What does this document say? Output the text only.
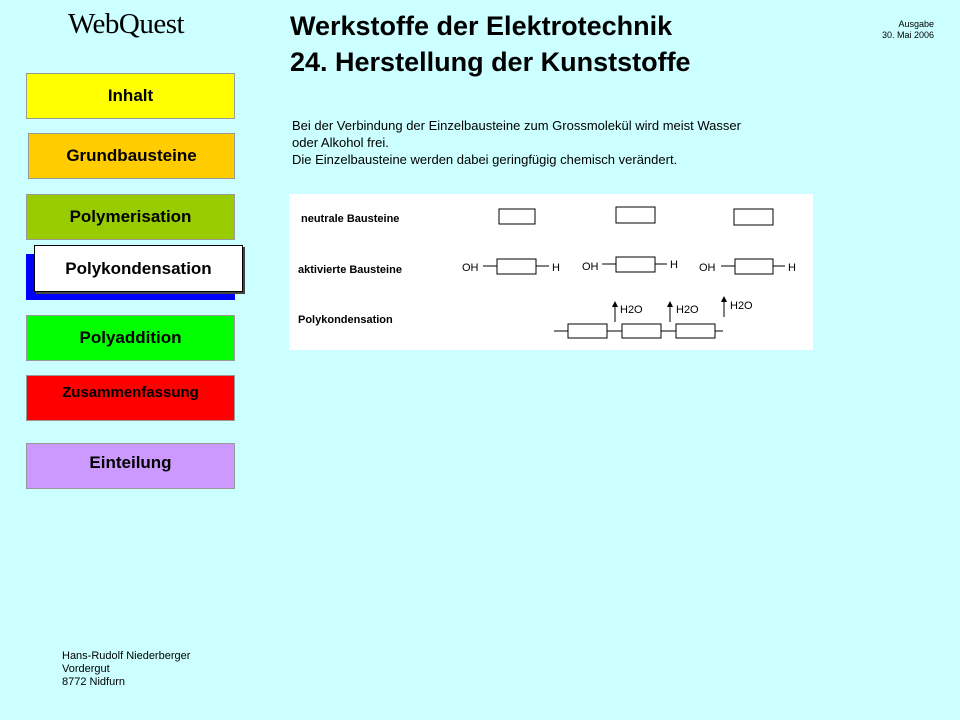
WebQuest	Werkstoffe der Elektrotechnik
24. Herstellung der Kunststoffe
Ausgabe
30. Mai 2006
Inhalt
Grundbausteine
Polymerisation
Polykondensation
Polyaddition
Zusammenfassung
Einteilung
Bei der Verbindung der Einzelbausteine zum Grossmolekül wird meist Wasser
oder Alkohol frei.
Die Einzelbausteine werden dabei geringfügig chemisch verändert.
neutrale Bausteine
aktivierte Bausteine
Polykondensation
OH	H OH	H OH	H
H2O	H2O	H2O
Hans-Rudolf Niederberger
Vordergut
8772 Nidfurn
